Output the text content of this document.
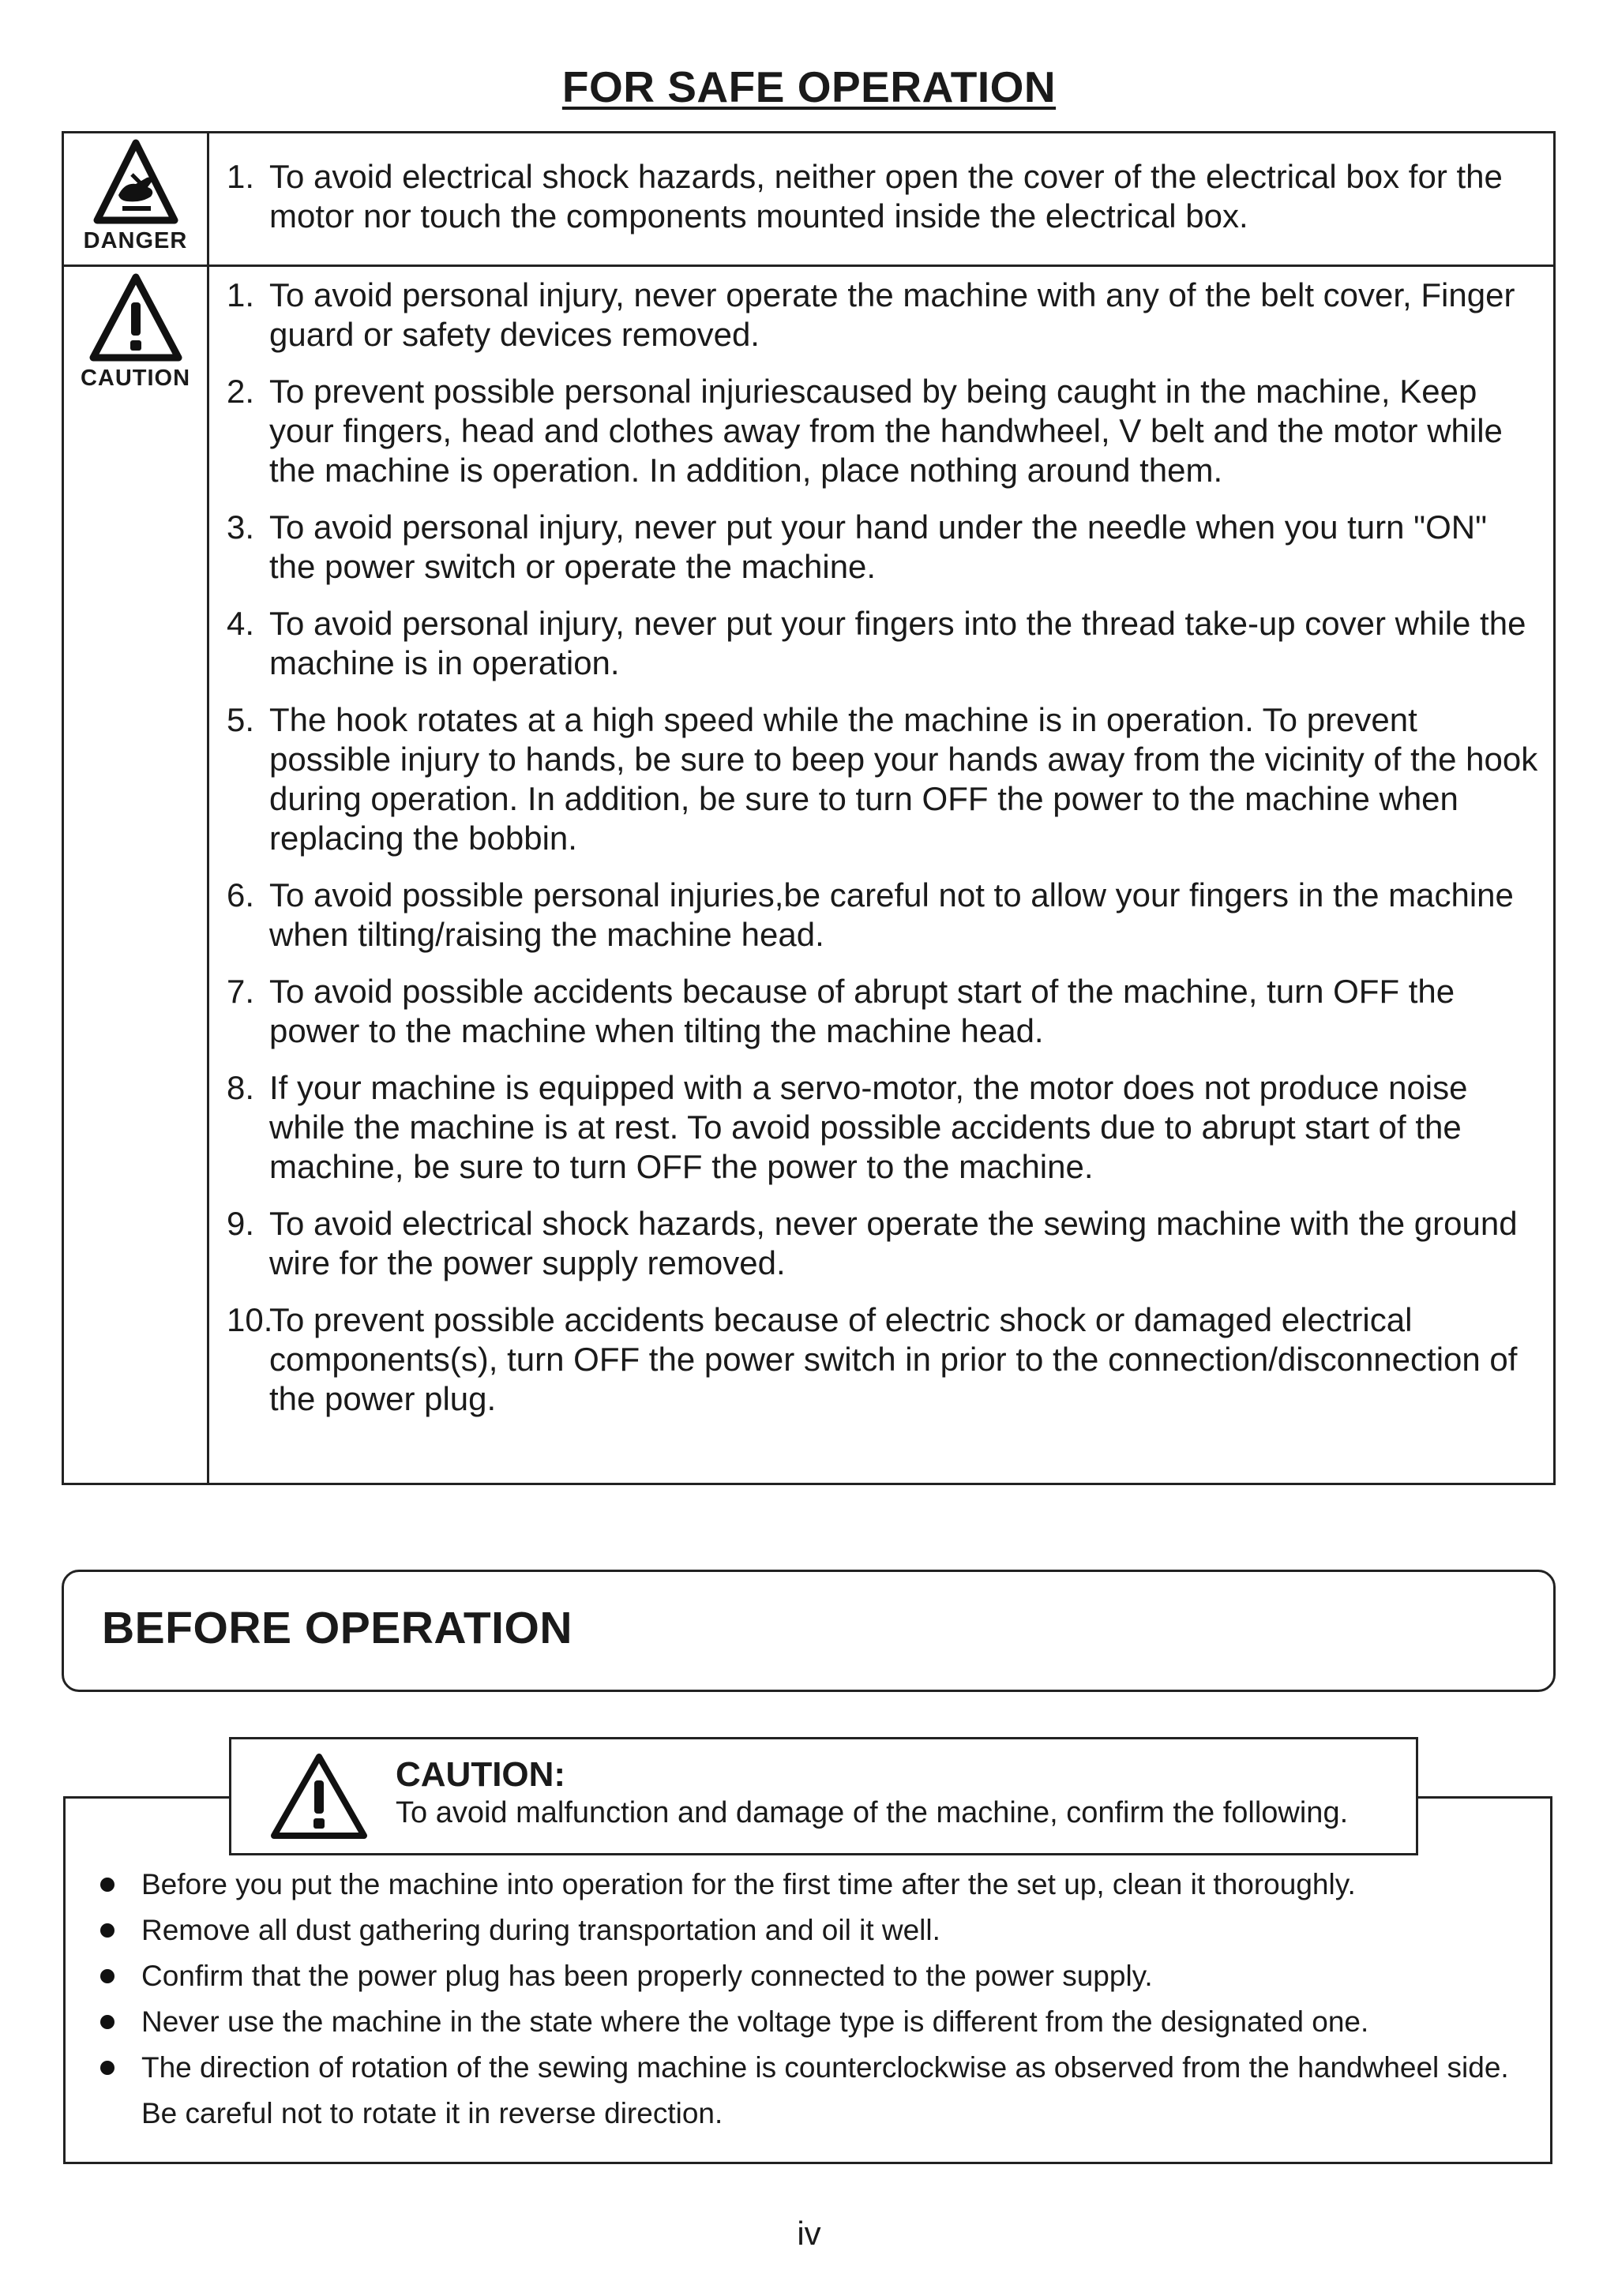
FOR SAFE OPERATION
DANGER
CAUTION
1. To avoid electrical shock hazards, neither open the cover of the electrical box for the motor nor touch the components mounted inside the electrical box.
1. To avoid personal injury, never operate the machine with any of the belt cover, Finger guard or safety devices removed.
2. To prevent possible personal injuriescaused by being caught in the machine, Keep your fingers, head and clothes away from the handwheel, V belt and the motor while the machine is operation. In addition, place nothing around them.
3. To avoid personal injury, never put your hand under the needle when you turn "ON" the power switch or operate the machine.
4. To avoid personal injury, never put your fingers into the thread take-up cover while the machine is in operation.
5. The hook rotates at a high speed while the machine is in operation. To prevent possible injury to hands, be sure to beep your hands away from the vicinity of the hook during operation. In addition, be sure to turn OFF the power to the machine when replacing the bobbin.
6. To avoid possible personal injuries,be careful not to allow your fingers in the machine when tilting/raising the machine head.
7. To avoid possible accidents because of abrupt start of the machine, turn OFF the power to the machine when tilting the machine head.
8. If your machine is equipped with a servo-motor, the motor does not produce noise while the machine is at rest. To avoid possible accidents due to abrupt start of the machine, be sure to turn OFF the power to the machine.
9. To avoid electrical shock hazards, never operate the sewing machine with the ground wire for the power supply removed.
10.
To prevent possible accidents because of electric shock or damaged electrical components(s), turn OFF the power switch in prior to the connection/disconnection of the power plug.
BEFORE OPERATION
Before you put the machine into operation for the first time after the set up, clean it thoroughly.
Remove all dust gathering during transportation and oil it well.
Confirm that the power plug has been properly connected to the power supply.
Never use the machine in the state where the voltage type is different from the designated one.
The direction of rotation of the sewing machine is counterclockwise as observed from the handwheel side. Be careful not to rotate it in reverse direction.
CAUTION:
To avoid malfunction and damage of the machine, confirm the following.
iv
